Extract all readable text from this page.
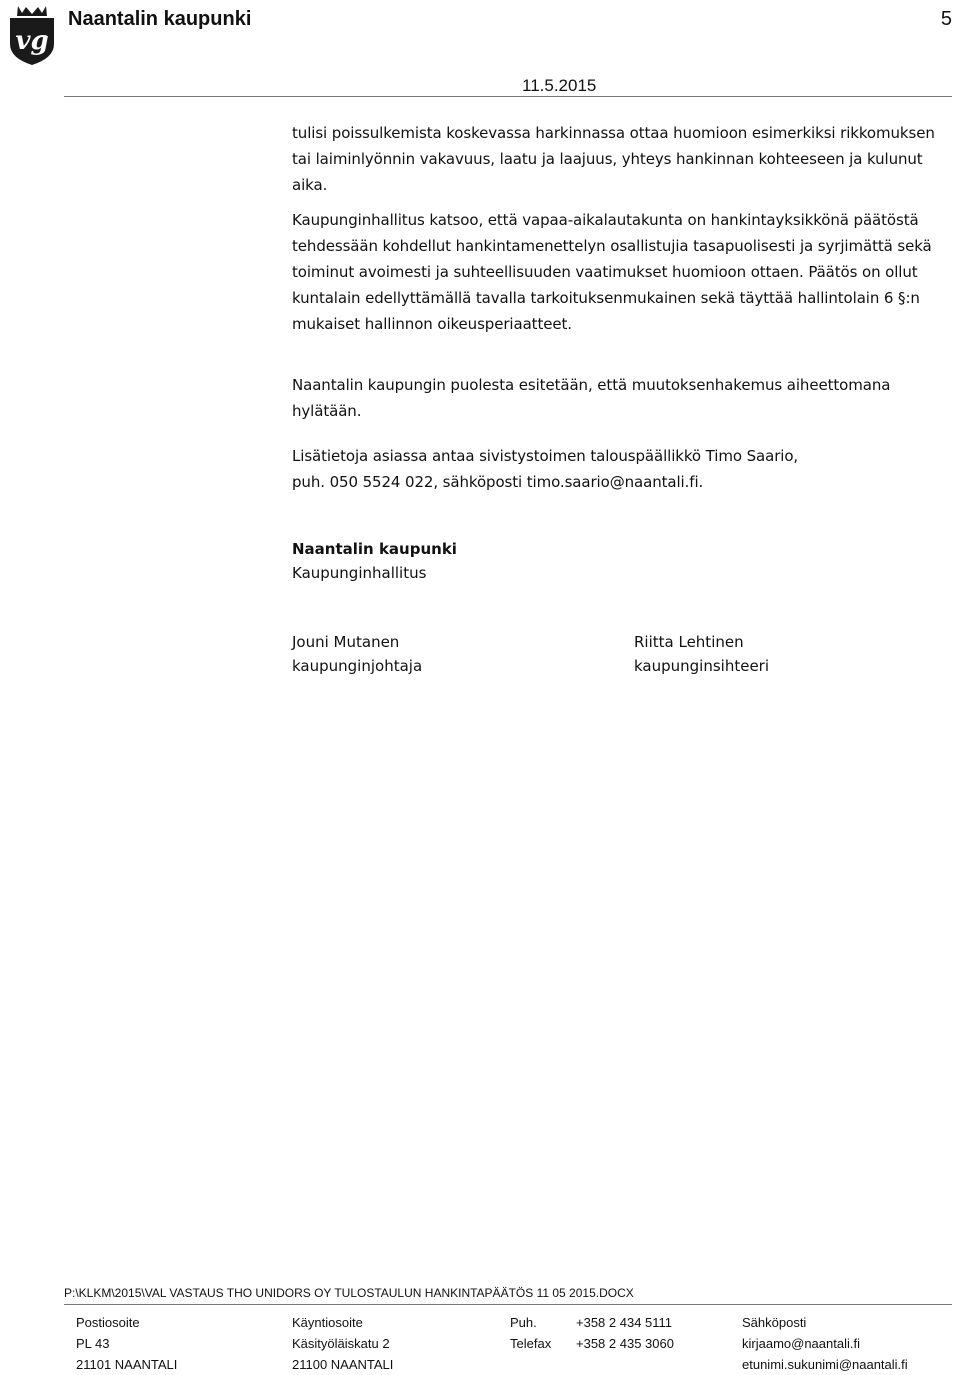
vg
Naantalin kaupunki	5
11.5.2015

tulisi poissulkemista koskevassa harkinnassa ottaa huomioon esimerkiksi rikkomuksen tai laiminlyönnin vakavuus, laatu ja laajuus, yhteys hankinnan kohteeseen ja kulunut aika.

Kaupunginhallitus katsoo, että vapaa-aikalautakunta on hankintayksikkönä päätöstä tehdessään kohdellut hankintamenettelyn osallistujia tasapuolisesti ja syrjimättä sekä toiminut avoimesti ja suhteellisuuden vaatimukset huomioon ottaen. Päätös on ollut kuntalain edellyttämällä tavalla tarkoituksenmukainen sekä täyttää hallintolain 6 §:n mukaiset hallinnon oikeusperiaatteet.

Naantalin kaupungin puolesta esitetään, että muutoksenhakemus aiheettomana hylätään.

Lisätietoja asiassa antaa sivistystoimen talouspäällikkö Timo Saario,

puh. 050 5524 022, sähköposti timo.saario@naantali.fi.

Naantalin kaupunki
Kaupunginhallitus
Jouni Mutanen
kaupunginjohtaja
Riitta Lehtinen
kaupunginsihteeri
P:\KLKM\2015\VAL VASTAUS THO UNIDORS OY TULOSTAULUN HANKINTAPÄÄTÖS 11 05 2015.DOCX
Postiosoite
PL 43
21101 NAANTALI
Käyntiosoite
Käsityöläiskatu 2
21100 NAANTALI
Puh.
Telefax
+358 2 434 5111
+358 2 435 3060
Sähköposti
kirjaamo@naantali.fi
etunimi.sukunimi@naantali.fi
